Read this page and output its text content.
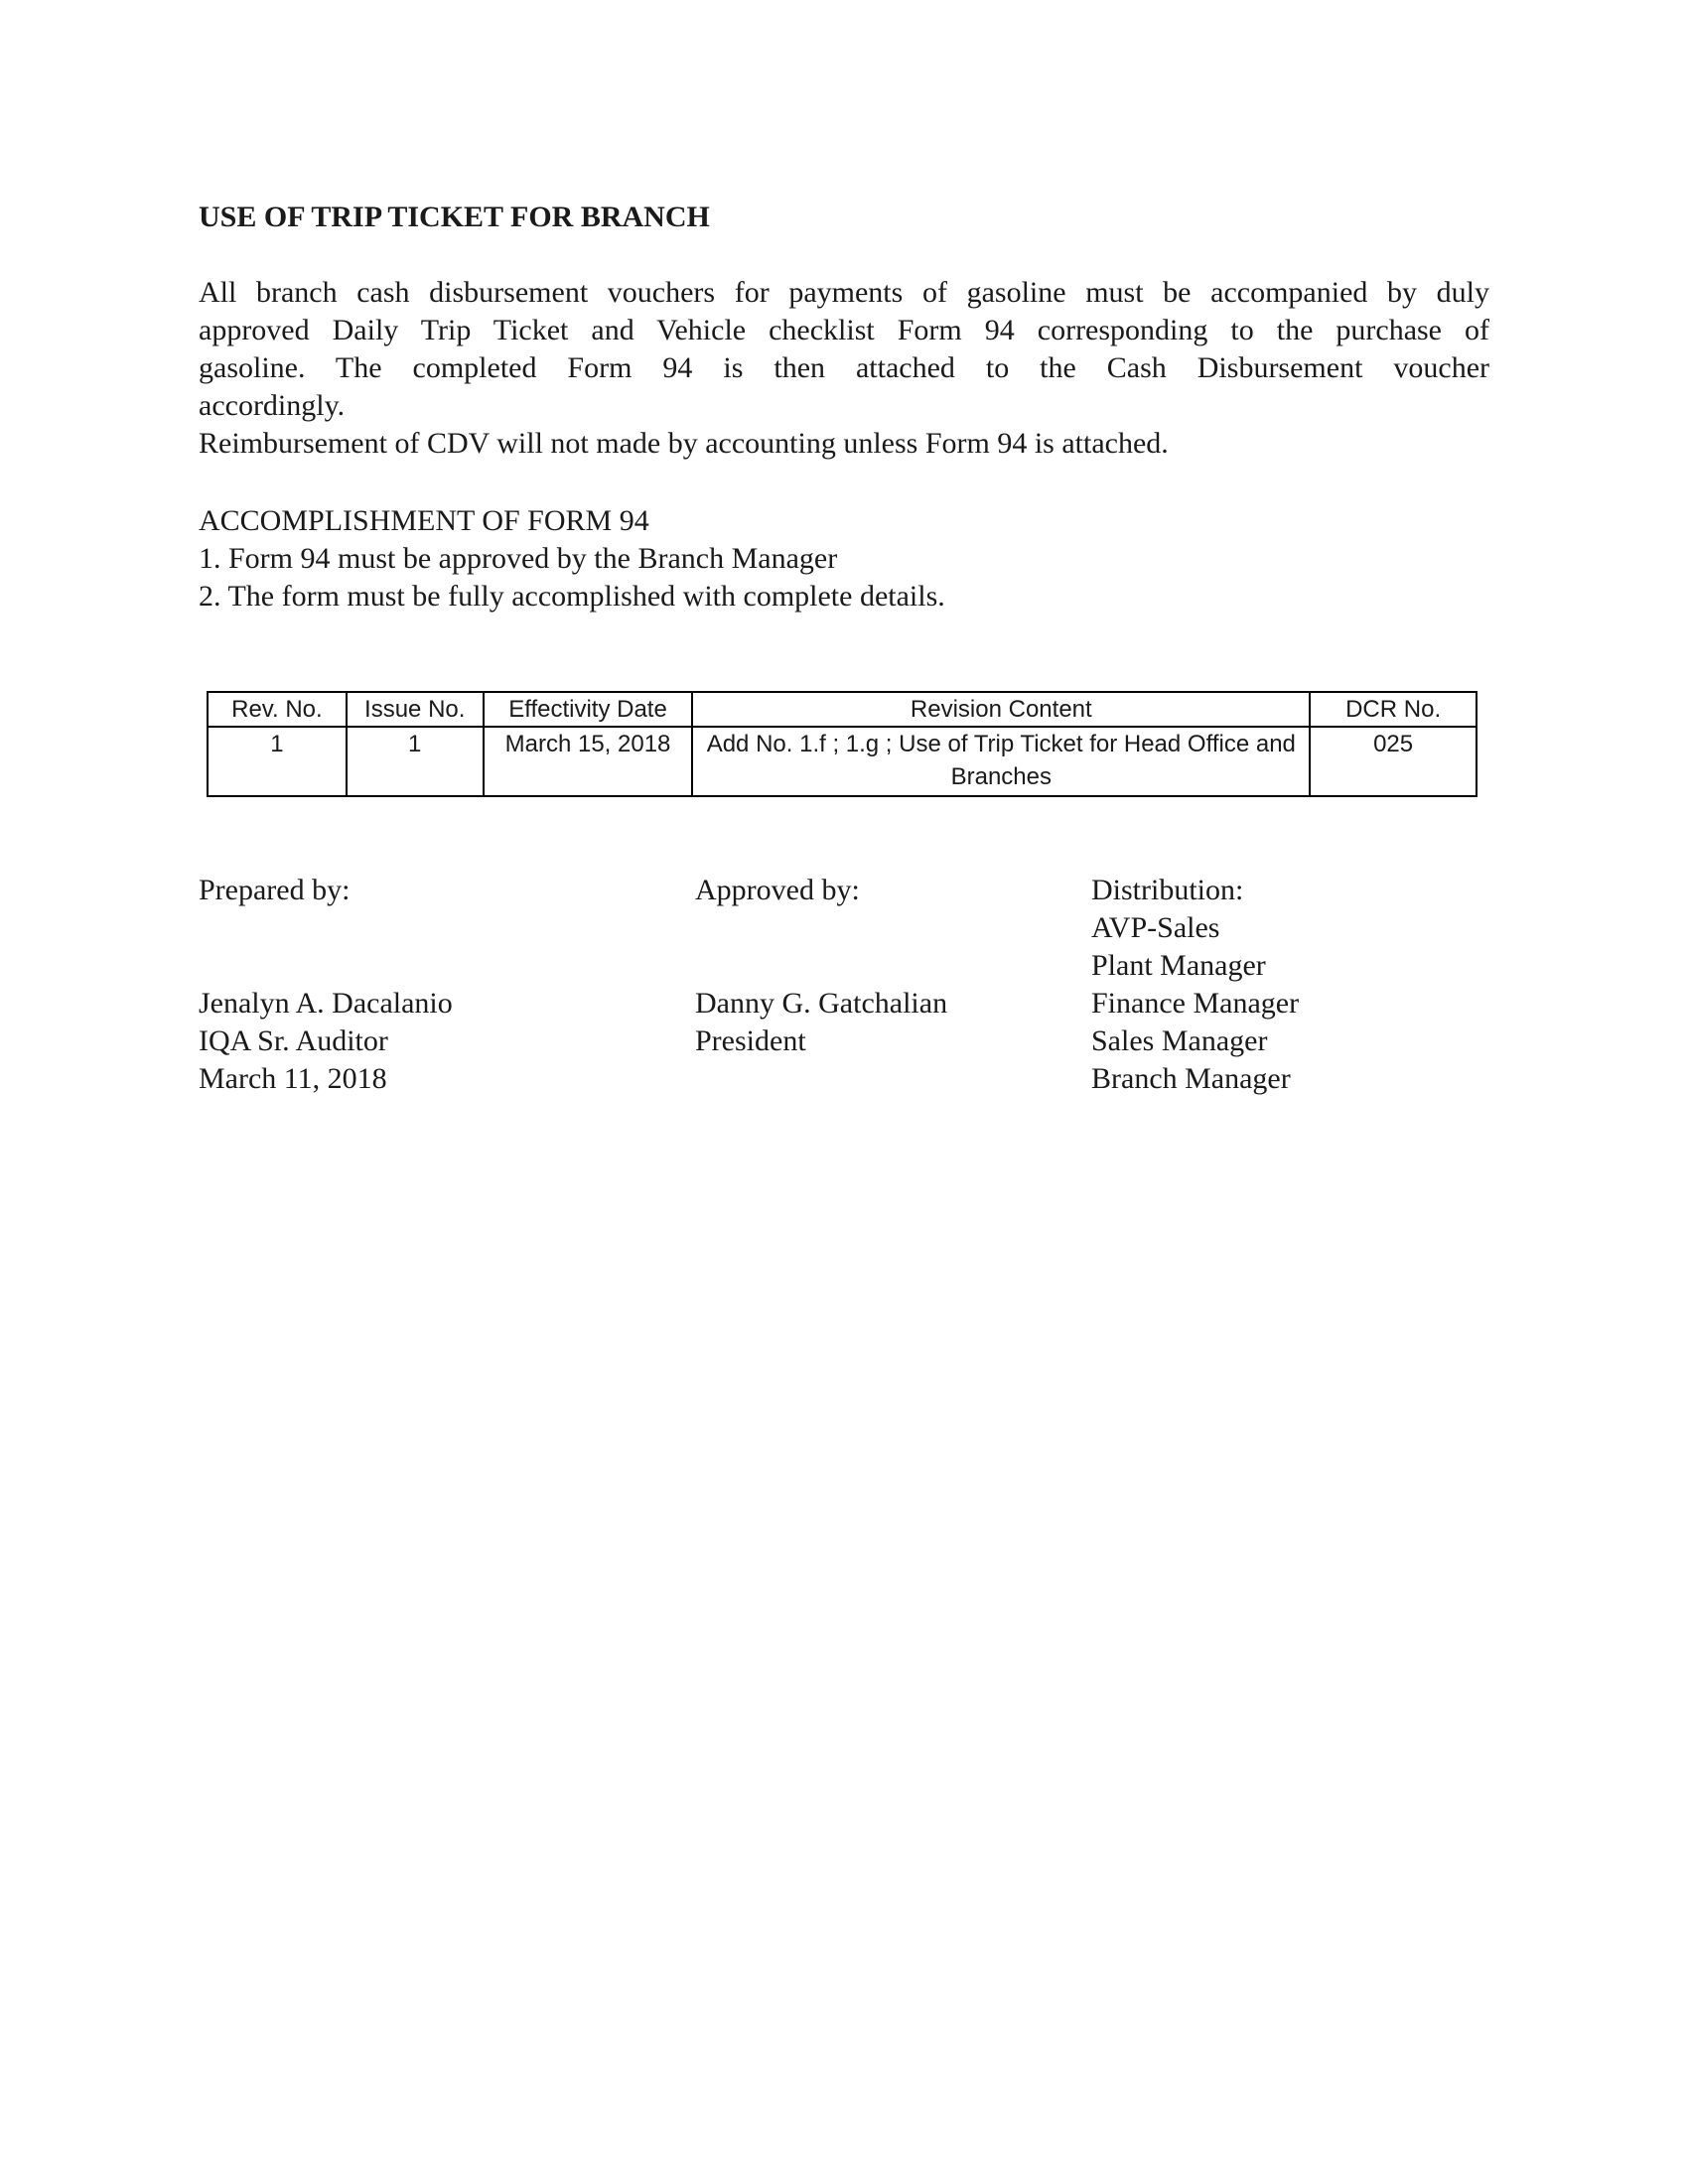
USE OF TRIP TICKET FOR BRANCH

All branch cash disbursement vouchers for payments of gasoline must be accompanied by duly
approved Daily Trip Ticket and Vehicle checklist Form 94 corresponding to the purchase of
gasoline. The completed Form 94 is then attached to the Cash Disbursement voucher
accordingly.
Reimbursement of CDV will not made by accounting unless Form 94 is attached.

ACCOMPLISHMENT OF FORM 94

1. Form 94 must be approved by the Branch Manager
2. The form must be fully accomplished with complete details.
Rev. No.	Issue No.	Effectivity Date	Revision Content	DCR No.
1	1	March 15, 2018	Add No. 1.f ; 1.g ; Use of Trip Ticket for Head Office and Branches	025
Prepared by:
Jenalyn A. Dacalanio
IQA Sr. Auditor
March 11, 2018
Approved by:
Danny G. Gatchalian
President
Distribution:
AVP-Sales
Plant Manager
Finance Manager
Sales Manager
Branch Manager
